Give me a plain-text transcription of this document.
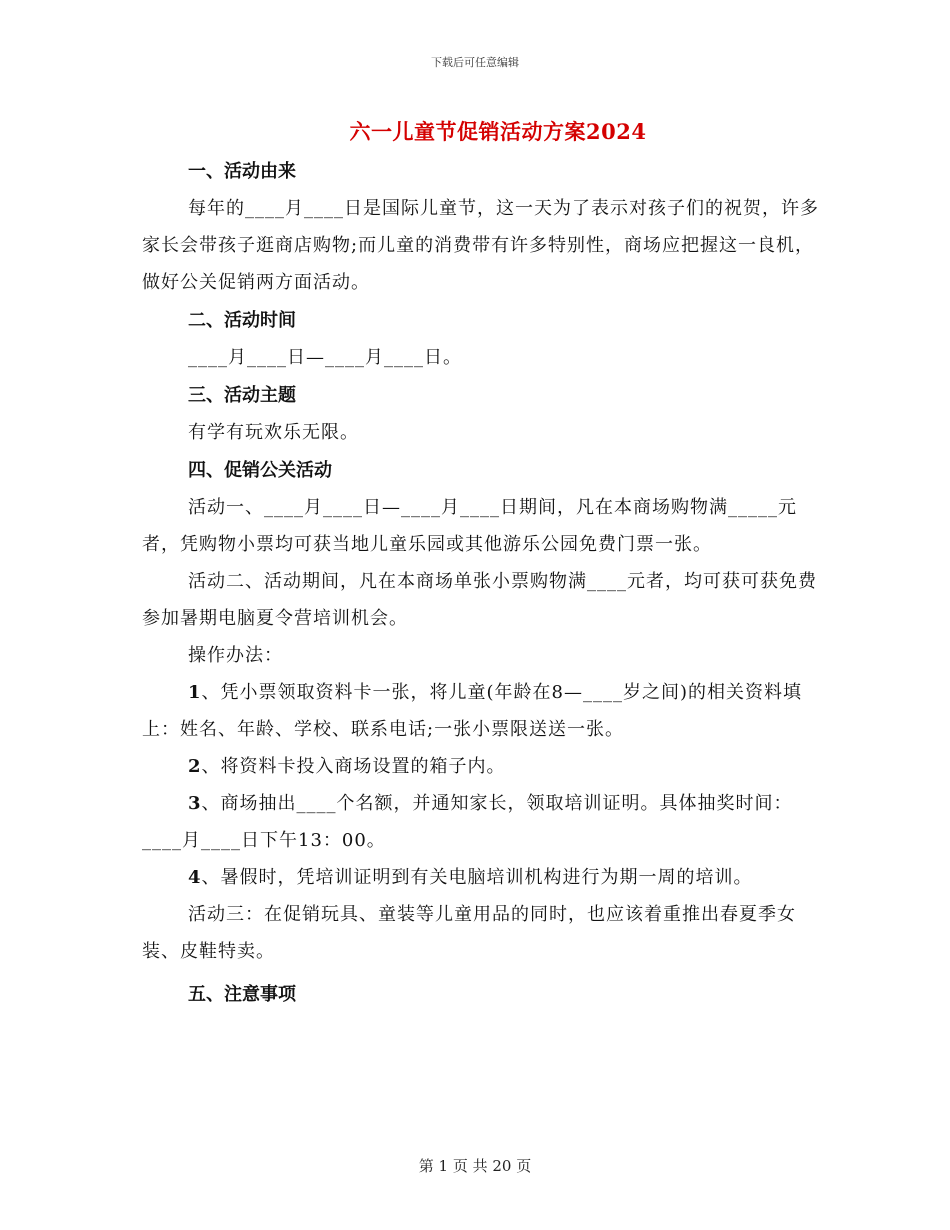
下载后可任意编辑
六一儿童节促销活动方案2024
一、活动由来
每年的____月____日是国际儿童节，这一天为了表示对孩子们的祝贺，许多家长会带孩子逛商店购物;而儿童的消费带有许多特别性，商场应把握这一良机，做好公关促销两方面活动。
二、活动时间
____月____日—____月____日。
三、活动主题
有学有玩欢乐无限。
四、促销公关活动
活动一、____月____日—____月____日期间，凡在本商场购物满_____元者，凭购物小票均可获当地儿童乐园或其他游乐公园免费门票一张。
活动二、活动期间，凡在本商场单张小票购物满____元者，均可获可获免费参加暑期电脑夏令营培训机会。
操作办法：
1、凭小票领取资料卡一张，将儿童(年龄在8—____岁之间)的相关资料填上：姓名、年龄、学校、联系电话;一张小票限送送一张。
2、将资料卡投入商场设置的箱子内。
3、商场抽出____个名额，并通知家长，领取培训证明。具体抽奖时间：____月____日下午13：00。
4、暑假时，凭培训证明到有关电脑培训机构进行为期一周的培训。
活动三：在促销玩具、童装等儿童用品的同时，也应该着重推出春夏季女装、皮鞋特卖。
五、注意事项
第 1 页 共 20 页
